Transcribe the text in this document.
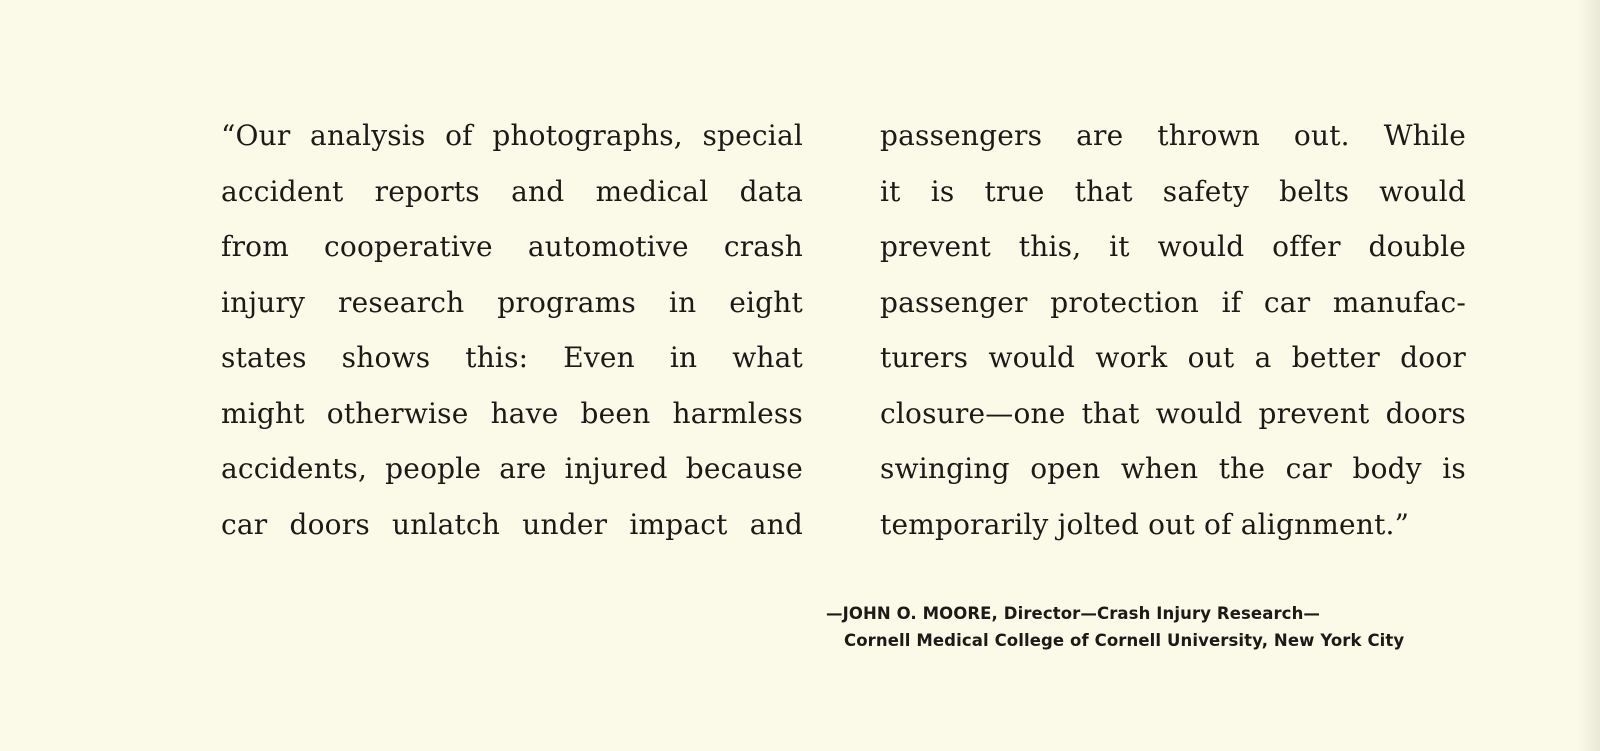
“Our analysis of photographs, special
accident reports and medical data
from cooperative automotive crash
injury research programs in eight
states shows this: Even in what
might otherwise have been harmless
accidents, people are injured because
car doors unlatch under impact and
passengers are thrown out. While
it is true that safety belts would
prevent this, it would offer double
passenger protection if car manufac-
turers would work out a better door
closure—one that would prevent doors
swinging open when the car body is
temporarily jolted out of alignment.”
—JOHN O. MOORE, Director—Crash Injury Research—
Cornell Medical College of Cornell University, New York City
